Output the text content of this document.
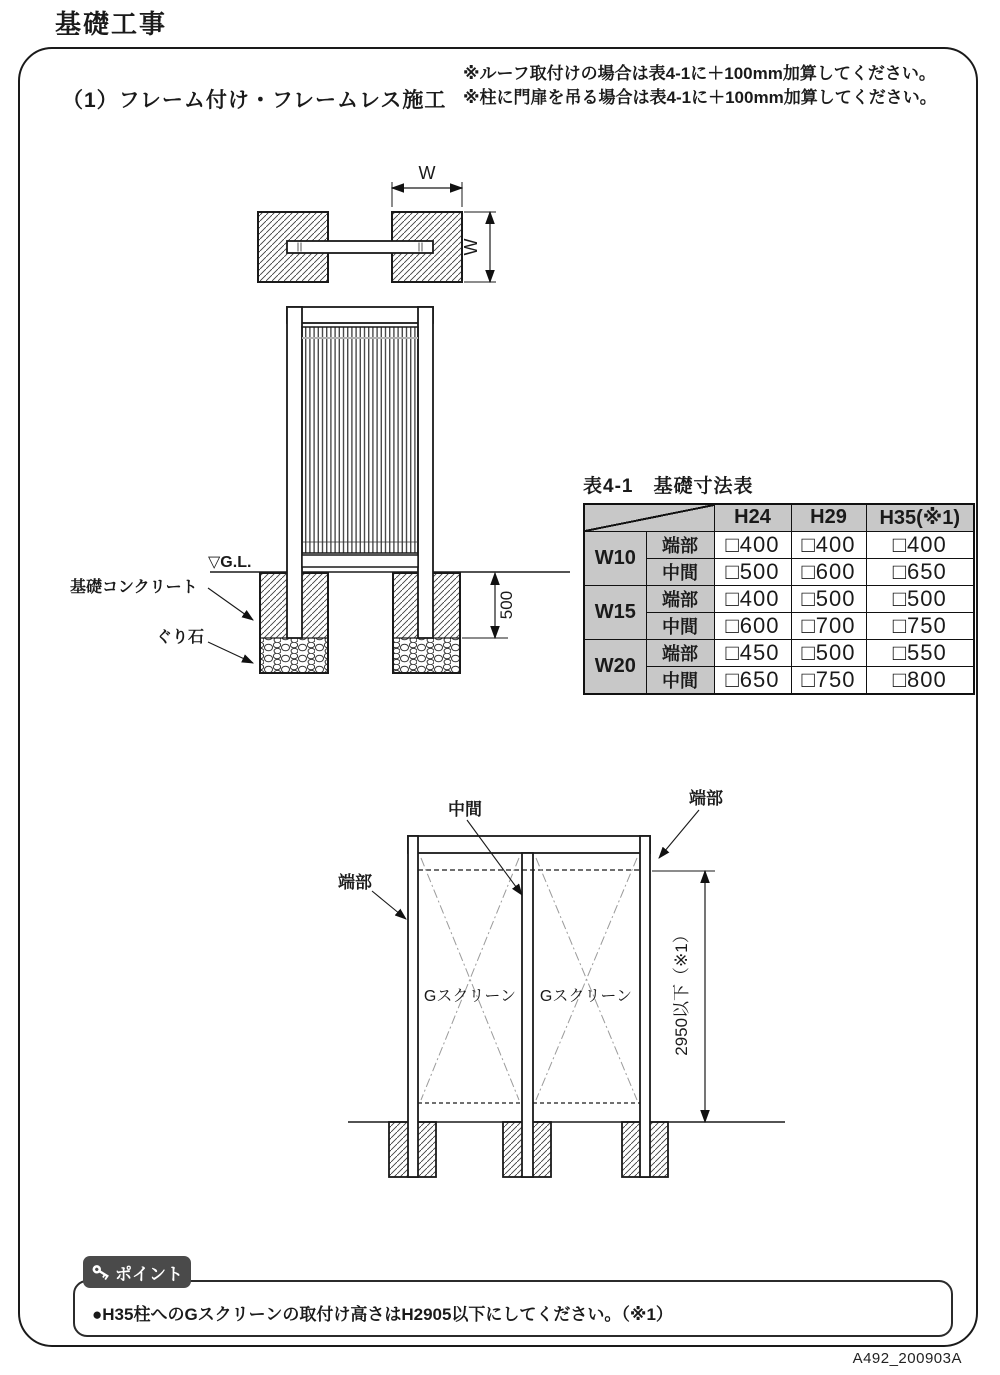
基礎工事
（1）フレーム付け・フレームレス施工
※ルーフ取付けの場合は表4-1に＋100mm加算してください。
※柱に門扉を吊る場合は表4-1に＋100mm加算してください。
W
W
500
▽G.L.
基礎コンクリート
ぐり石
表4-1　基礎寸法表
		H24	H29	H35(※1)
W10	端部	□400	□400	□400
	中間	□500	□600	□650
W15	端部	□400	□500	□500
	中間	□600	□700	□750
W20	端部	□450	□500	□550
	中間	□650	□750	□800
Gスクリーン Gスクリーン
中間
端部
端部
2950以下（※1）
●H35柱へのGスクリーンの取付け高さはH2905以下にしてください。（※1）
ポイント
A492_200903A
